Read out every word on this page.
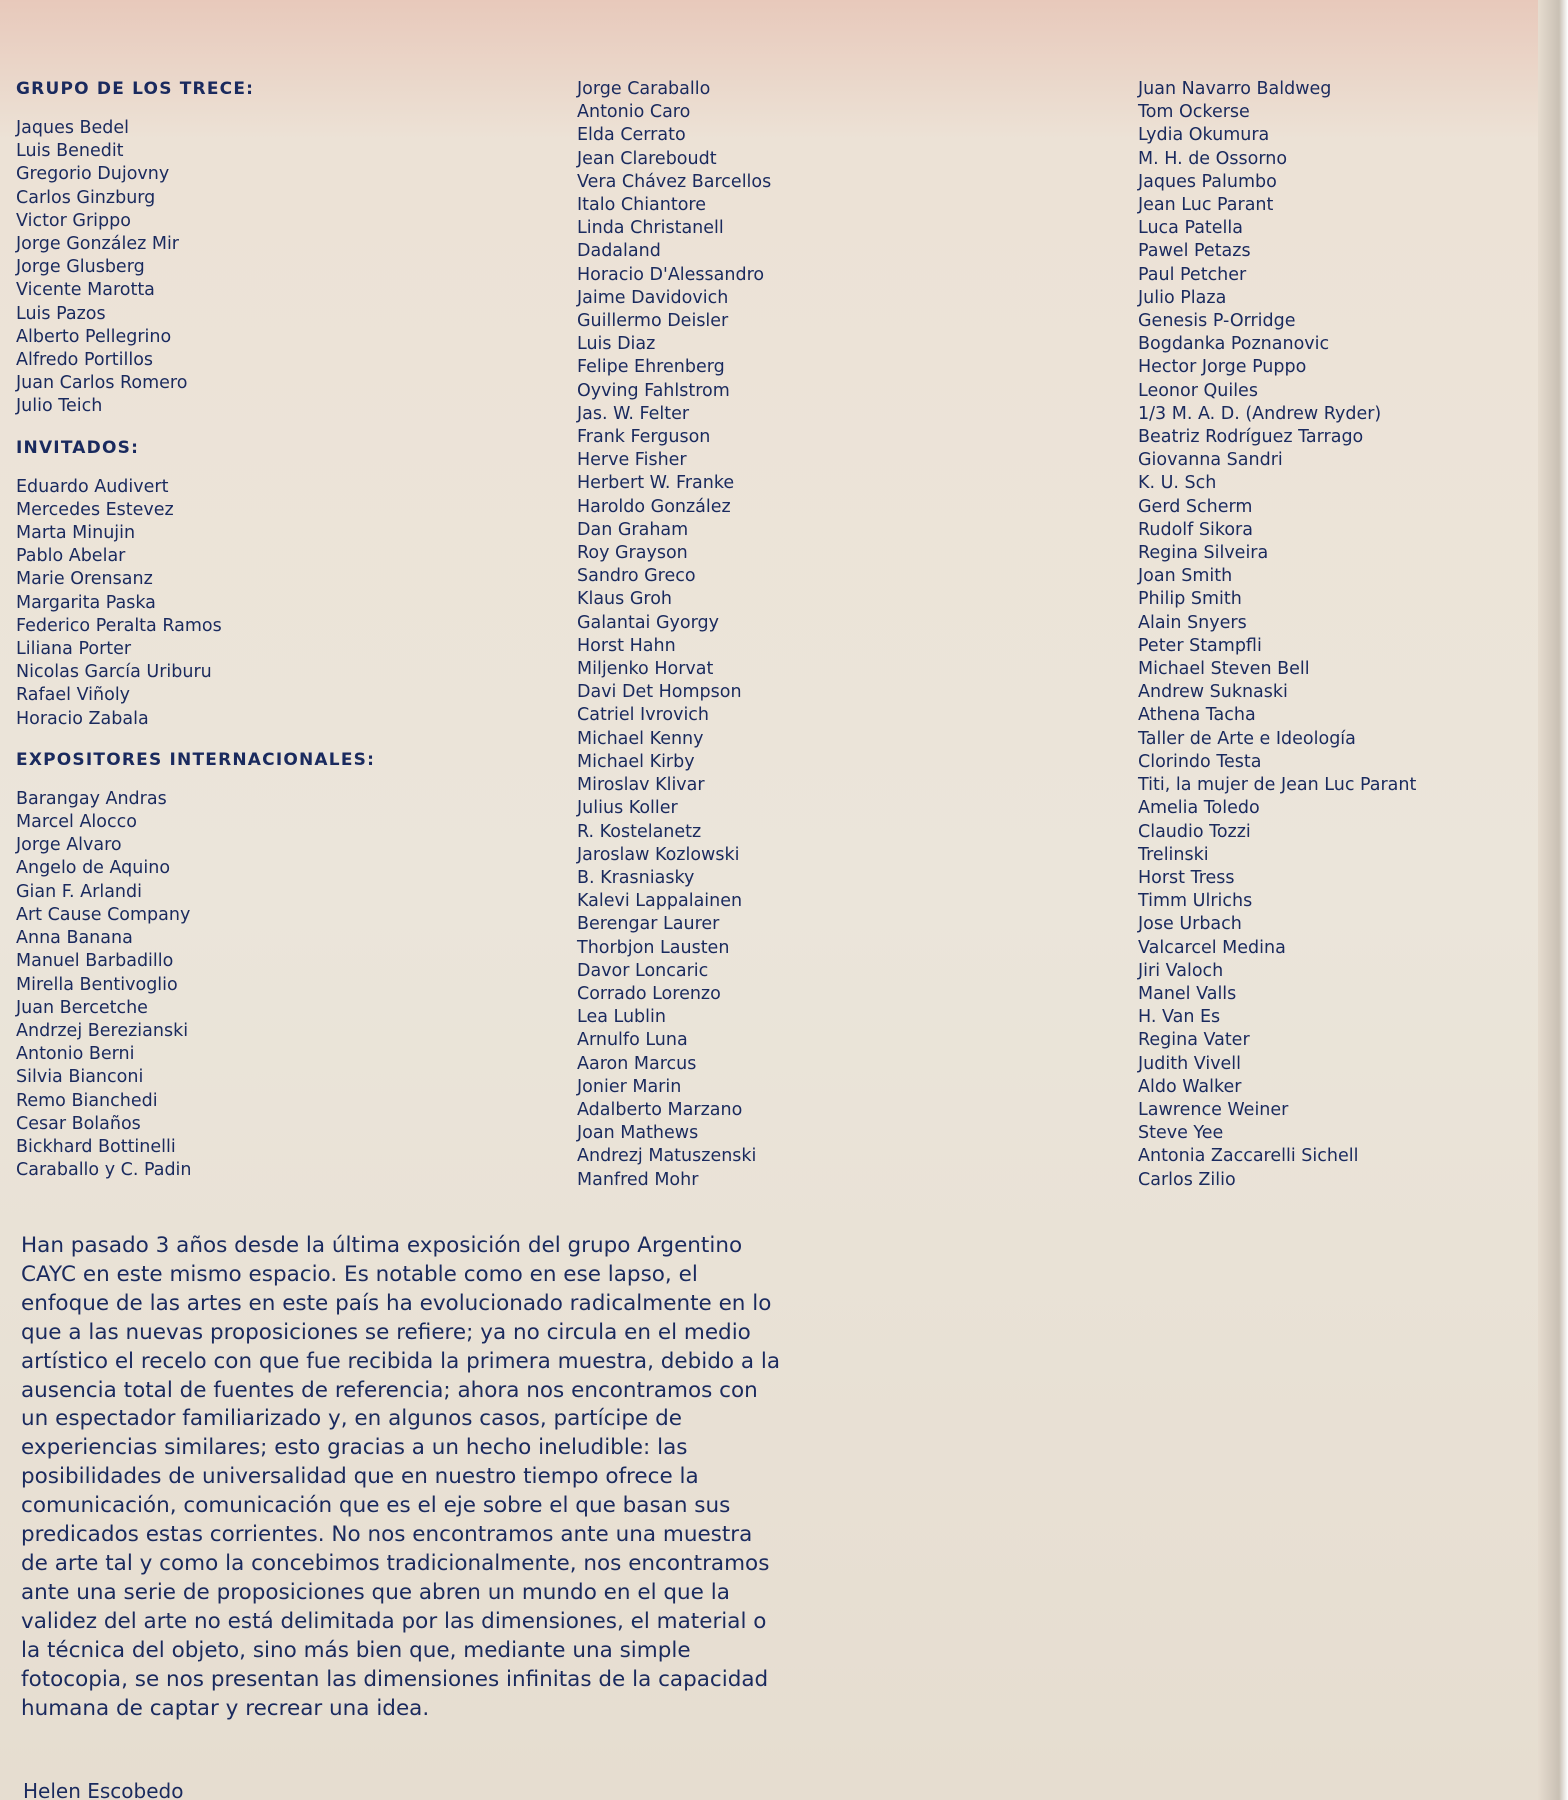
GRUPO DE LOS TRECE:
Jaques Bedel
Luis Benedit
Gregorio Dujovny
Carlos Ginzburg
Victor Grippo
Jorge González Mir
Jorge Glusberg
Vicente Marotta
Luis Pazos
Alberto Pellegrino
Alfredo Portillos
Juan Carlos Romero
Julio Teich
INVITADOS:
Eduardo Audivert
Mercedes Estevez
Marta Minujin
Pablo Abelar
Marie Orensanz
Margarita Paska
Federico Peralta Ramos
Liliana Porter
Nicolas García Uriburu
Rafael Viñoly
Horacio Zabala
EXPOSITORES INTERNACIONALES:
Barangay Andras
Marcel Alocco
Jorge Alvaro
Angelo de Aquino
Gian F. Arlandi
Art Cause Company
Anna Banana
Manuel Barbadillo
Mirella Bentivoglio
Juan Bercetche
Andrzej Berezianski
Antonio Berni
Silvia Bianconi
Remo Bianchedi
Cesar Bolaños
Bickhard Bottinelli
Caraballo y C. Padin
Jorge Caraballo
Antonio Caro
Elda Cerrato
Jean Clareboudt
Vera Chávez Barcellos
Italo Chiantore
Linda Christanell
Dadaland
Horacio D'Alessandro
Jaime Davidovich
Guillermo Deisler
Luis Diaz
Felipe Ehrenberg
Oyving Fahlstrom
Jas. W. Felter
Frank Ferguson
Herve Fisher
Herbert W. Franke
Haroldo González
Dan Graham
Roy Grayson
Sandro Greco
Klaus Groh
Galantai Gyorgy
Horst Hahn
Miljenko Horvat
Davi Det Hompson
Catriel Ivrovich
Michael Kenny
Michael Kirby
Miroslav Klivar
Julius Koller
R. Kostelanetz
Jaroslaw Kozlowski
B. Krasniasky
Kalevi Lappalainen
Berengar Laurer
Thorbjon Lausten
Davor Loncaric
Corrado Lorenzo
Lea Lublin
Arnulfo Luna
Aaron Marcus
Jonier Marin
Adalberto Marzano
Joan Mathews
Andrezj Matuszenski
Manfred Mohr
Juan Navarro Baldweg
Tom Ockerse
Lydia Okumura
M. H. de Ossorno
Jaques Palumbo
Jean Luc Parant
Luca Patella
Pawel Petazs
Paul Petcher
Julio Plaza
Genesis P-Orridge
Bogdanka Poznanovic
Hector Jorge Puppo
Leonor Quiles
1/3 M. A. D. (Andrew Ryder)
Beatriz Rodríguez Tarrago
Giovanna Sandri
K. U. Sch
Gerd Scherm
Rudolf Sikora
Regina Silveira
Joan Smith
Philip Smith
Alain Snyers
Peter Stampfli
Michael Steven Bell
Andrew Suknaski
Athena Tacha
Taller de Arte e Ideología
Clorindo Testa
Titi, la mujer de Jean Luc Parant
Amelia Toledo
Claudio Tozzi
Trelinski
Horst Tress
Timm Ulrichs
Jose Urbach
Valcarcel Medina
Jiri Valoch
Manel Valls
H. Van Es
Regina Vater
Judith Vivell
Aldo Walker
Lawrence Weiner
Steve Yee
Antonia Zaccarelli Sichell
Carlos Zilio

Han pasado 3 años desde la última exposición del grupo Argentino CAYC en este mismo espacio. Es notable como en ese lapso, el enfoque de las artes en este país ha evolucionado radicalmente en lo que a las nuevas proposiciones se refiere; ya no circula en el medio artístico el recelo con que fue recibida la primera muestra, debido a la ausencia total de fuentes de referencia; ahora nos encontramos con un espectador familiarizado y, en algunos casos, partícipe de experiencias similares; esto gracias a un hecho ineludible: las posibilidades de universalidad que en nuestro tiempo ofrece la comunicación, comunicación que es el eje sobre el que basan sus predicados estas corrientes. No nos encontramos ante una muestra de arte tal y como la concebimos tradicionalmente, nos encontramos ante una serie de proposiciones que abren un mundo en el que la validez del arte no está delimitada por las dimensiones, el material o la técnica del objeto, sino más bien que, mediante una simple fotocopia, se nos presentan las dimensiones infinitas de la capacidad humana de captar y recrear una idea.

Helen Escobedo
